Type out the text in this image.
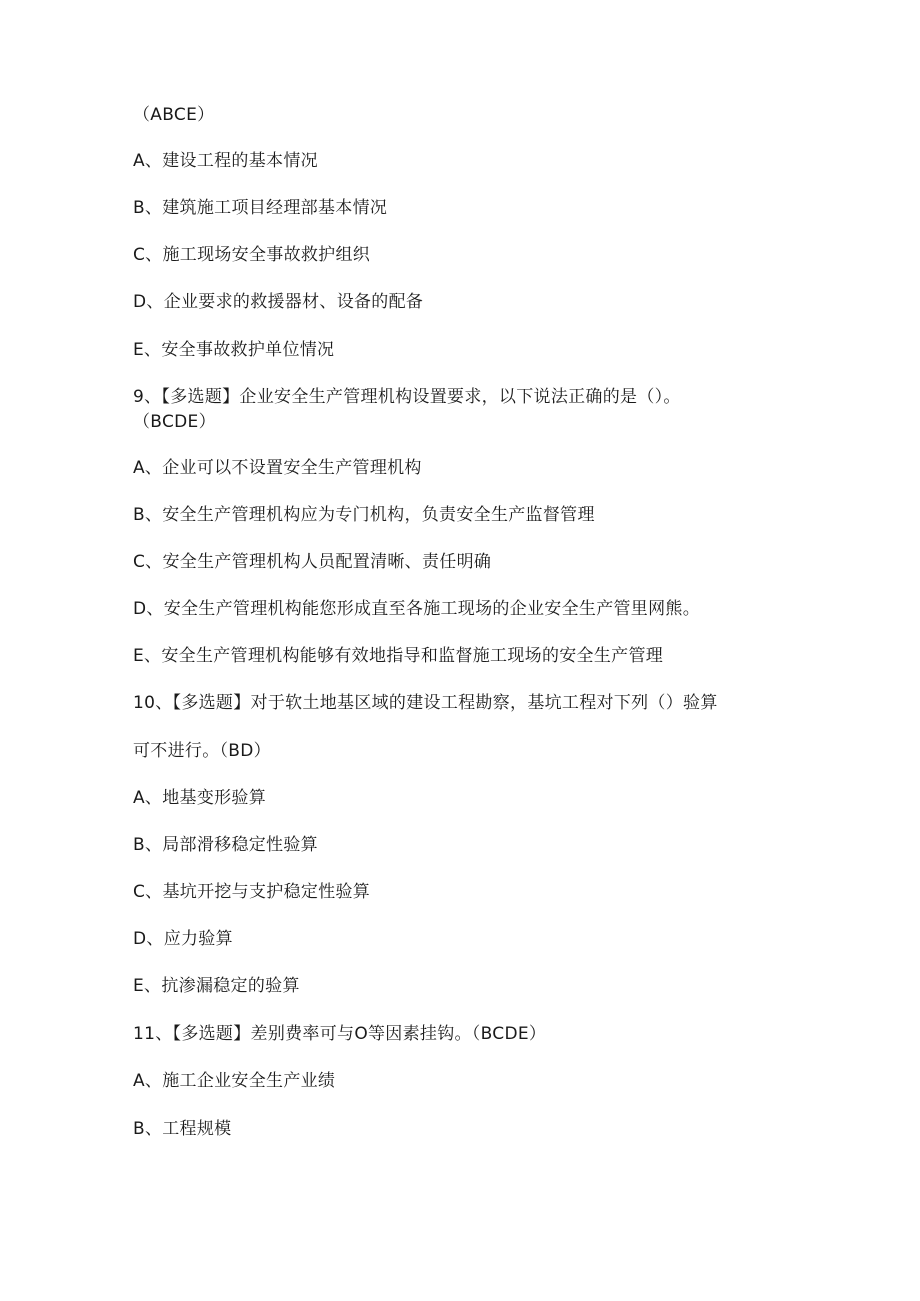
（ABCE）
A、建设工程的基本情况
B、建筑施工项目经理部基本情况
C、施工现场安全事故救护组织
D、企业要求的救援器材、设备的配备
E、安全事故救护单位情况
9、【多选题】企业安全生产管理机构设置要求，以下说法正确的是（）。
（BCDE）
A、企业可以不设置安全生产管理机构
B、安全生产管理机构应为专门机构，负责安全生产监督管理
C、安全生产管理机构人员配置清晰、责任明确
D、安全生产管理机构能您形成直至各施工现场的企业安全生产管里网熊。
E、安全生产管理机构能够有效地指导和监督施工现场的安全生产管理
10、【多选题】对于软土地基区域的建设工程勘察，基坑工程对下列（）验算
可不进行。（BD）
A、地基变形验算
B、局部滑移稳定性验算
C、基坑开挖与支护稳定性验算
D、应力验算
E、抗渗漏稳定的验算
11、【多选题】差别费率可与O等因素挂钩。（BCDE）
A、施工企业安全生产业绩
B、工程规模
